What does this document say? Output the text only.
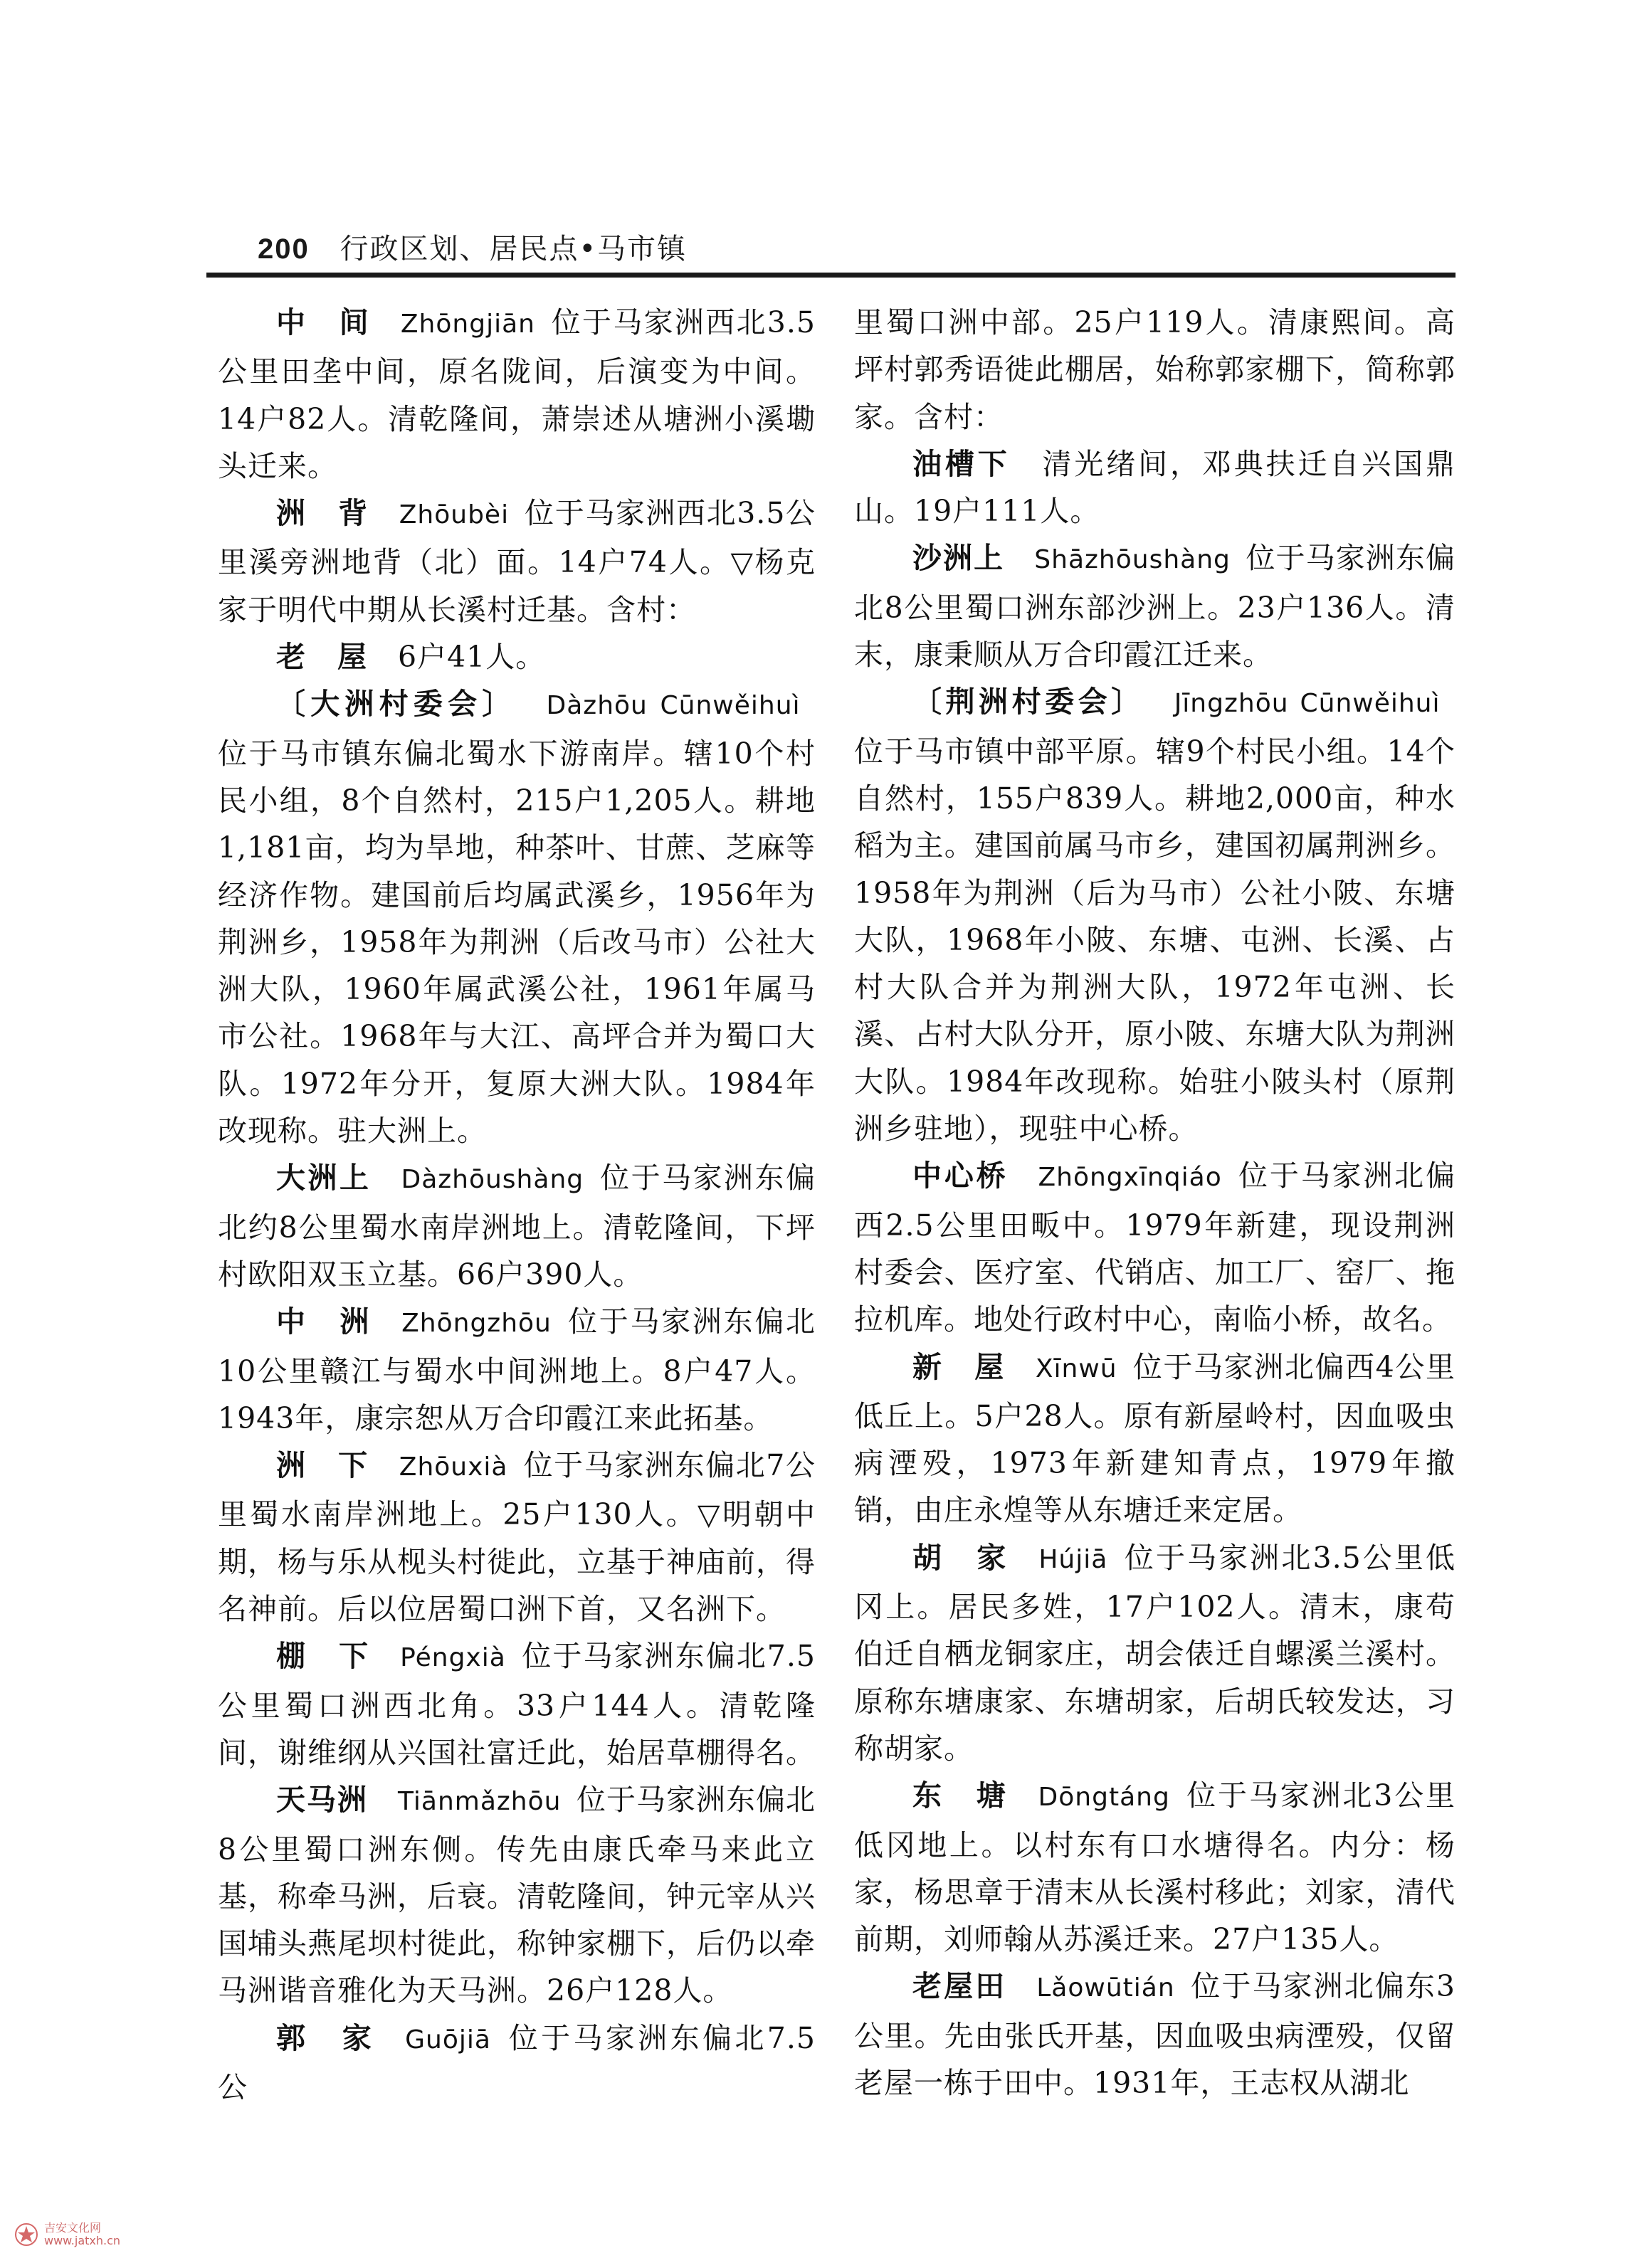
200 行政区划、居民点•马市镇

中　间  Zhōngjiān  位于马家洲西北3.5公里田垄中间，原名陇间，后演变为中间。14户82人。清乾隆间，萧崇述从塘洲小溪墈头迁来。

洲　背  Zhōubèi  位于马家洲西北3.5公里溪旁洲地背（北）面。14户74人。▽杨克家于明代中期从长溪村迁基。含村：

老　屋  6户41人。

〔大洲村委会〕  Dàzhōu Cūnwěihuì 位于马市镇东偏北蜀水下游南岸。辖10个村民小组，8个自然村，215户1,205人。耕地1,181亩，均为旱地，种茶叶、甘蔗、芝麻等经济作物。建国前后均属武溪乡，1956年为荆洲乡，1958年为荆洲（后改马市）公社大洲大队，1960年属武溪公社，1961年属马市公社。1968年与大江、高坪合并为蜀口大队。1972年分开，复原大洲大队。1984年改现称。驻大洲上。

大洲上  Dàzhōushàng  位于马家洲东偏北约8公里蜀水南岸洲地上。清乾隆间，下坪村欧阳双玉立基。66户390人。

中　洲  Zhōngzhōu  位于马家洲东偏北10公里赣江与蜀水中间洲地上。8户47人。1943年，康宗恕从万合印霞江来此拓基。

洲　下  Zhōuxià  位于马家洲东偏北7公里蜀水南岸洲地上。25户130人。▽明朝中期，杨与乐从枧头村徙此，立基于神庙前，得名神前。后以位居蜀口洲下首，又名洲下。

棚　下  Péngxià  位于马家洲东偏北7.5公里蜀口洲西北角。33户144人。清乾隆间，谢维纲从兴国社富迁此，始居草棚得名。

天马洲  Tiānmǎzhōu  位于马家洲东偏北8公里蜀口洲东侧。传先由康氏牵马来此立基，称牵马洲，后衰。清乾隆间，钟元宰从兴国埔头燕尾坝村徙此，称钟家棚下，后仍以牵马洲谐音雅化为天马洲。26户128人。

郭　家  Guōjiā  位于马家洲东偏北7.5公

里蜀口洲中部。25户119人。清康熙间。高坪村郭秀语徙此棚居，始称郭家棚下，简称郭家。含村：

油槽下  清光绪间，邓典扶迁自兴国鼎山。19户111人。

沙洲上  Shāzhōushàng  位于马家洲东偏北8公里蜀口洲东部沙洲上。23户136人。清末，康秉顺从万合印霞江迁来。

〔荆洲村委会〕  Jīngzhōu Cūnwěihuì 位于马市镇中部平原。辖9个村民小组。14个自然村，155户839人。耕地2,000亩，种水稻为主。建国前属马市乡，建国初属荆洲乡。1958年为荆洲（后为马市）公社小陂、东塘大队，1968年小陂、东塘、屯洲、长溪、占村大队合并为荆洲大队，1972年屯洲、长溪、占村大队分开，原小陂、东塘大队为荆洲大队。1984年改现称。始驻小陂头村（原荆洲乡驻地），现驻中心桥。

中心桥  Zhōngxīnqiáo  位于马家洲北偏西2.5公里田畈中。1979年新建，现设荆洲村委会、医疗室、代销店、加工厂、窑厂、拖拉机库。地处行政村中心，南临小桥，故名。

新　屋  Xīnwū  位于马家洲北偏西4公里低丘上。5户28人。原有新屋岭村，因血吸虫病湮殁，1973年新建知青点，1979年撤销，由庄永煌等从东塘迁来定居。

胡　家  Hújiā  位于马家洲北3.5公里低冈上。居民多姓，17户102人。清末，康苟伯迁自栖龙铜家庄，胡会俵迁自螺溪兰溪村。原称东塘康家、东塘胡家，后胡氏较发达，习称胡家。

东　塘  Dōngtáng  位于马家洲北3公里低冈地上。以村东有口水塘得名。内分：杨家，杨思章于清末从长溪村移此；刘家，清代前期，刘师翰从苏溪迁来。27户135人。

老屋田  Lǎowūtián  位于马家洲北偏东3公里。先由张氏开基，因血吸虫病湮殁，仅留老屋一栋于田中。1931年，王志权从湖北

吉安文化网
www.jatxh.cn
